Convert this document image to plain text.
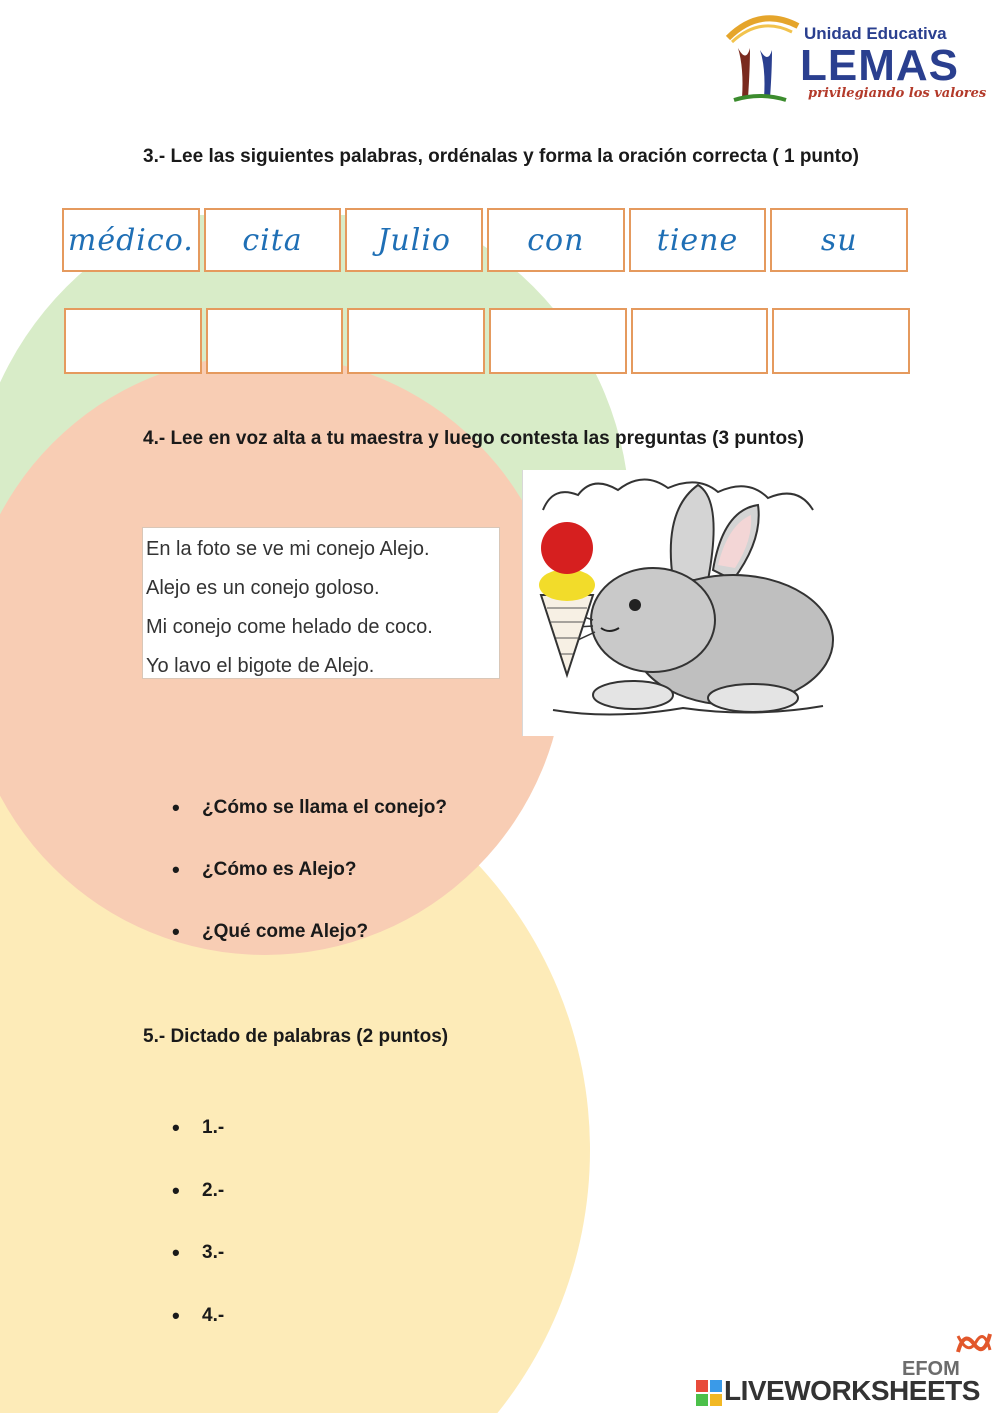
Unidad Educativa
LEMAS
privilegiando los valores
3.- Lee las siguientes palabras, ordénalas y forma la oración correcta ( 1 punto)
médico.	cita	Julio	con	tiene	su
4.- Lee en voz alta a tu maestra y luego contesta las preguntas (3 puntos)
En la foto se ve mi conejo Alejo.
Alejo es un conejo goloso.
Mi conejo come helado de coco.
Yo lavo el bigote de Alejo.
• ¿Cómo se llama el conejo?
• ¿Cómo es Alejo?
• ¿Qué come Alejo?
5.- Dictado de palabras (2 puntos)
• 1.-
• 2.-
• 3.-
• 4.-
EFOM
LIVEWORKSHEETS
